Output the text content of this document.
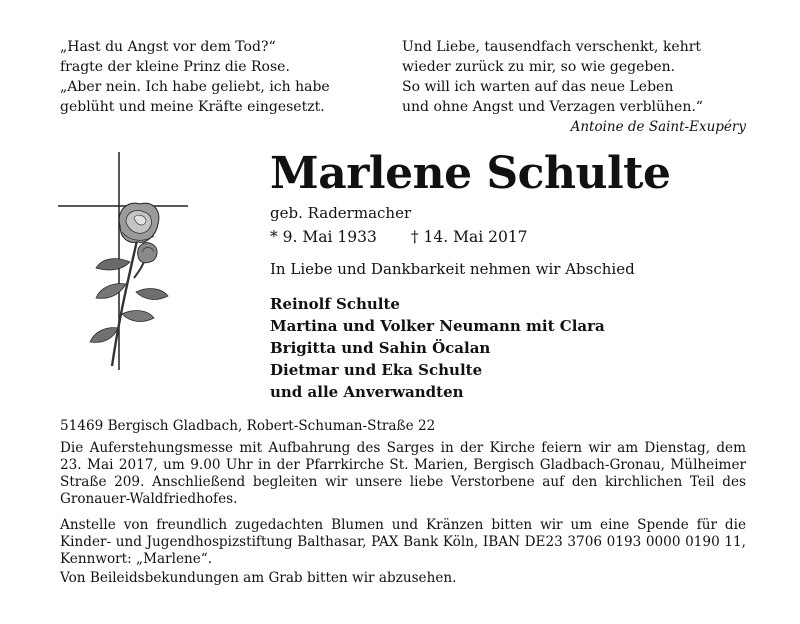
„Hast du Angst vor dem Tod?“
fragte der kleine Prinz die Rose.
„Aber nein. Ich habe geliebt, ich habe
geblüht und meine Kräfte eingesetzt.
Und Liebe, tausendfach verschenkt, kehrt
wieder zurück zu mir, so wie gegeben.
So will ich warten auf das neue Leben
und ohne Angst und Verzagen verblühen.“
Antoine de Saint-Exupéry
Marlene Schulte
geb. Radermacher
* 9. Mai 1933 † 14. Mai 2017
In Liebe und Dankbarkeit nehmen wir Abschied
Reinolf Schulte
Martina und Volker Neumann mit Clara
Brigitta und Sahin Öcalan
Dietmar und Eka Schulte
und alle Anverwandten
51469 Bergisch Gladbach, Robert-Schuman-Straße 22
Die Auferstehungsmesse mit Aufbahrung des Sarges in der Kirche feiern wir am Dienstag, dem 23. Mai 2017, um 9.00 Uhr in der Pfarrkirche St. Marien, Bergisch Gladbach-Gronau, Mülheimer Straße 209. Anschließend begleiten wir unsere liebe Verstorbene auf den kirchlichen Teil des Gronauer-Waldfriedhofes.
Anstelle von freundlich zugedachten Blumen und Kränzen bitten wir um eine Spende für die Kinder- und Jugendhospizstiftung Balthasar, PAX Bank Köln, IBAN DE23 3706 0193 0000 0190 11, Kennwort: „Marlene“.
Von Beileidsbekundungen am Grab bitten wir abzusehen.
